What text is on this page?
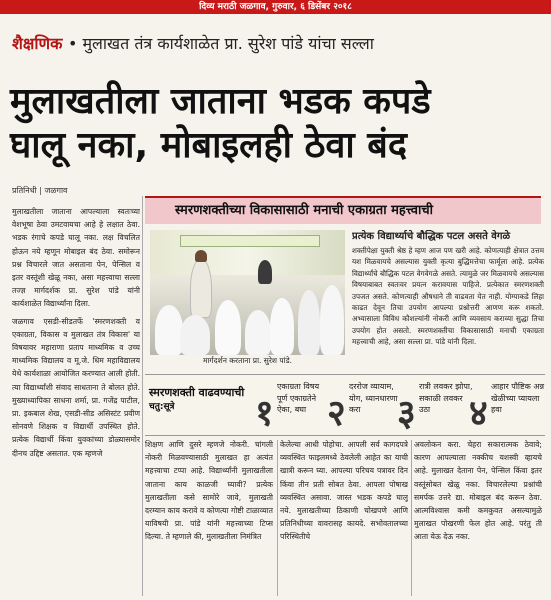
दिव्य मराठी जळगाव, गुरुवार, ६ डिसेंबर २०१८
शैक्षणिक • मुलाखत तंत्र कार्यशाळेत प्रा. सुरेश पांडे यांचा सल्ला
मुलाखतीला जाताना भडक कपडे
घालू नका, मोबाइलही ठेवा बंद
प्रतिनिधी | जळगाव
मुलाखतीला जाताना आपल्याला स्वतःच्या वेशभूषा ठेवा उमटवायचा आहे हे लक्षात ठेवा. भडक रंगाचे कपडे घालू नका. लक्ष विचलित होऊन नये म्हणून मोबाइल बंद ठेवा. समोरून प्रश्न विचारले जात असताना पेन, पेन्सिल व इतर वस्तूंशी खेळू नका, असा महत्त्वाचा सल्ला तज्ज्ञ मार्गदर्शक प्रा. सुरेश पांडे यांनी कार्यशाळेत विद्यार्थ्यांना दिला.
जळगाव एसडी-सीडतर्फे 'स्मरणशक्ती व एकाग्रता, विकास व मुलाखत तंत्र विकास' या विषयावर महाराणा प्रताप माध्यमिक व उच्च माध्यमिक विद्यालय व मू.जे. धिम महाविद्यालय येथे कार्यशाळा आयोजित करण्यात आली होती. त्या विद्यार्थ्यांशी संवाद साधताना ते बोलत होते. मुख्याध्यापिका साधना शर्मा, प्रा. गजेंद्र पाटील, प्रा. इकबाल शेख, एसडी-सीड असिस्टंट प्रवीण सोनवणे शिक्षक व विद्यार्थी उपस्थित होते. प्रत्येक विद्यार्थी किंवा युवकांच्या डोळ्यासमोर दीनच उद्दिष्ट असतात. एक म्हणजे
स्मरणशक्तीच्या विकासासाठी मनाची एकाग्रता महत्त्वाची
मार्गदर्शन करताना प्रा. सुरेश पांडे.
प्रत्येक विद्यार्थ्याचे बौद्धिक पटल असते वेगळे
शक्तीपेक्षा युक्ती श्रेष्ठ हे म्हण आज पण खरी आहे. कोणत्याही क्षेत्रात उत्तम यश मिळवायचे असल्यास युक्ती कृत्या बुद्धिमत्तेचा फार्मूला आहे. प्रत्येक विद्यार्थ्यांचे बौद्धिक पटल वेगवेगळे असते. त्यामुळे जर मिळवायचे असल्यास विषयाबाबत स्वतःवर प्रयत्न करावयास पाहिजे. प्रत्येकात स्मरणशक्ती उपजत असते. कोणत्याही औषधाने ती वाढवता येत नाही. योग्याकडे लिहा काढत देवून तिचा उपयोग आपल्या प्रश्नोत्तरी आणण करू शकतो. अभ्यासाला विविध कौशल्यांनी नोकरी आणि व्यवसाय कराव्या सुद्धा तिचा उपयोग होत असतो. स्मरणशक्तीचा विकासासाठी मनाची एकाग्रता महत्त्वाची आहे, असा सल्ला प्रा. पांडे यांनी दिला.
स्मरणशक्ती वाढवण्याची
चतु:सूत्रे	१
एकाग्रता विषय पूर्ण एकाग्रतेने ऐका, बघा २
दररोज व्यायाम, योग, ध्यानधारणा करा	३
रात्री लवकर झोपा, सकाळी लवकर उठा	४
आहार पौष्टिक अन्न खेळीच्या प्यायला हवा
शिक्षण आणि दुसरे म्हणजे नोकरी. चांगली नोकरी मिळवण्यासाठी मुलाखत हा अत्यंत महत्त्वाचा टप्पा आहे. विद्यार्थ्यांनी मुलाखतीला जाताना काय काळजी घ्यावी? प्रत्येक मुलाखतीला कसे सामोरे जावे, मुलाखती दरम्यान काय करावे व कोणत्या गोष्टी टाळाव्यात याविषयी प्रा. पांडे यांनी महत्त्वाच्या टिप्स दिल्या. ते म्हणाले की, मुलाखतीला निमंत्रित
केलेल्या आधी पोहोचा. आपली सर्व कागदपत्रे व्यवस्थित फाइलमध्ये ठेवलेली आहेत का याची खात्री करून घ्या. आपल्या परिचय पत्रावर दिन किंवा तीन प्रती सोबत ठेवा. आपला पोषाख व्यवस्थित असावा. जास्त भडक कपडे घालू नये. मुलाखतीच्या ठिकाणी चोखपणे आणि प्रतिनिधीच्या वावरासह कायदे. सभोवतालच्या परिस्थितीचे
अवलोकन करा. चेहरा सकारात्मक ठेवावे; कारण आपल्याला नक्कीच यशस्वी व्हायचे आहे. मुलाखत देताना पेन, पेन्सिल किंवा इतर वस्तूंसोबत खेळू नका. विचारलेल्या प्रश्नांची समर्पक उत्तरे द्या. मोबाइल बंद करून ठेवा. आत्मविश्वास कमी कमकुवत असल्यामुळे मुलाखत पोखरणी फेल होत आहे. परंतु ती आता येऊ देऊ नका.
